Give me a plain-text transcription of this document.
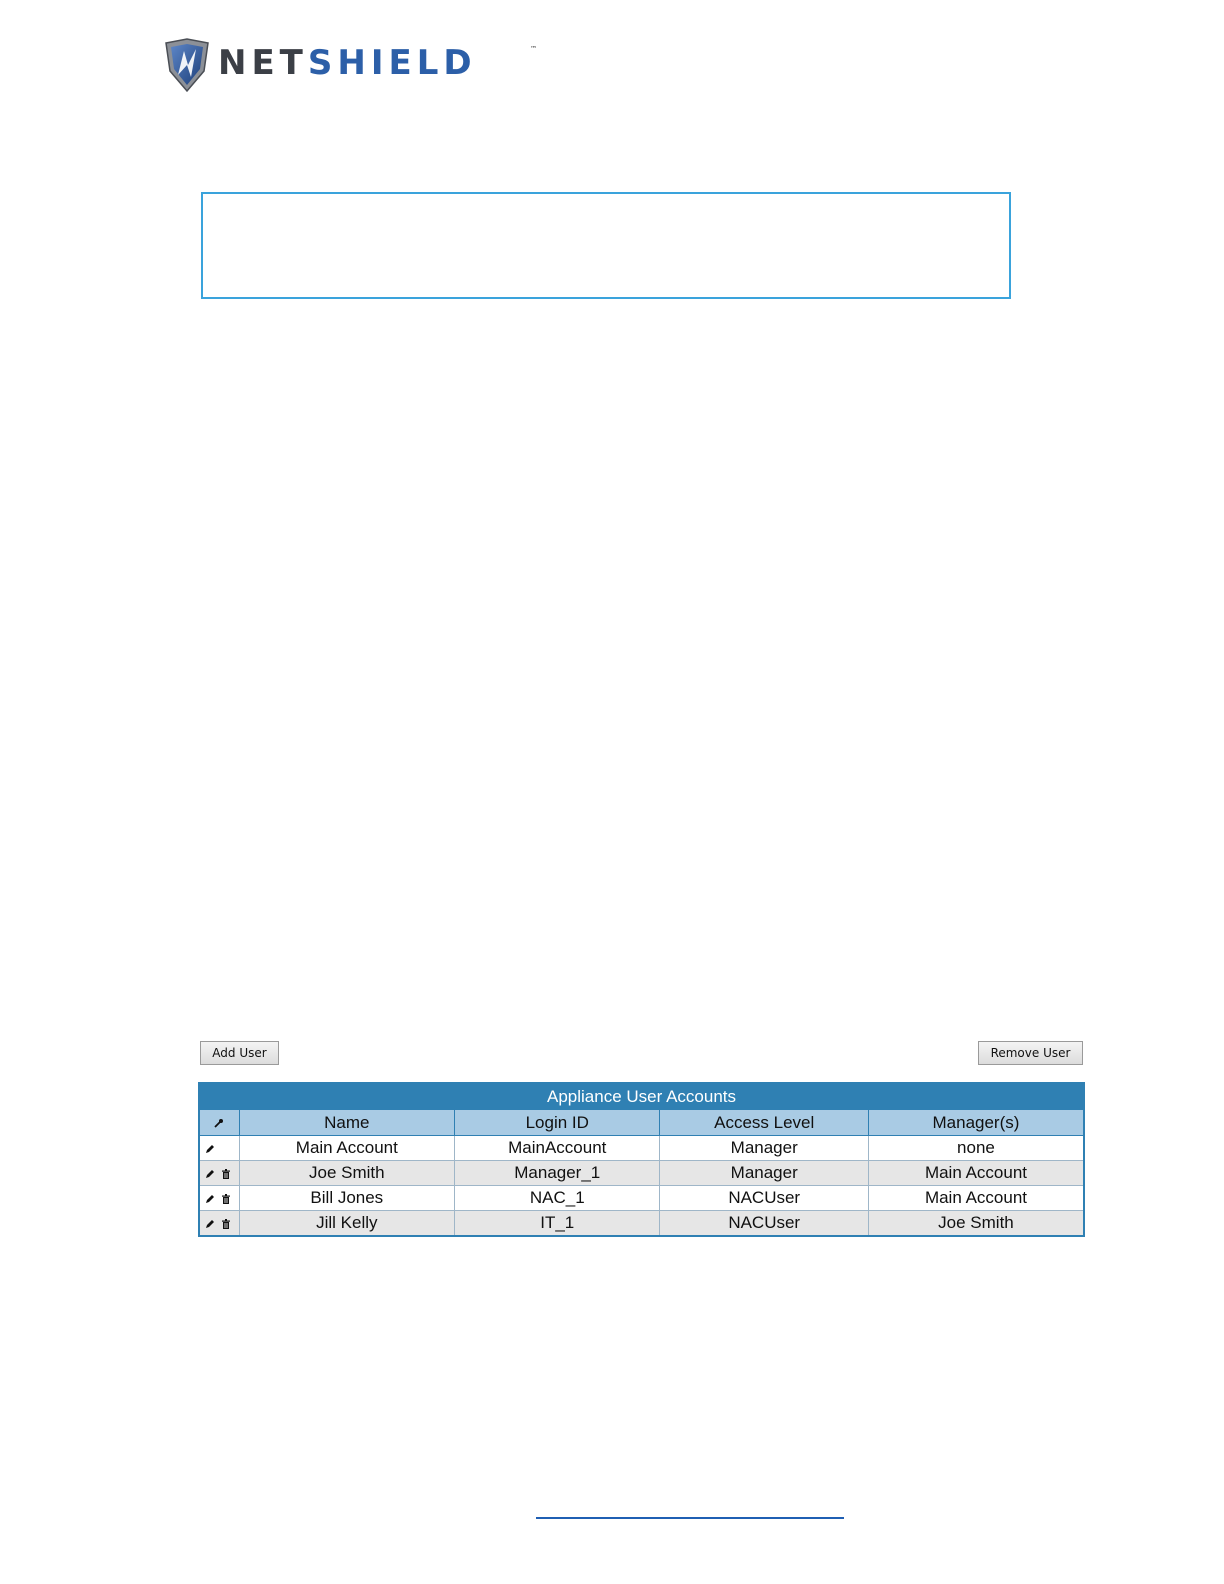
NETSHIELD	™
Add User	Remove User
Appliance User Accounts				
	Name	Login ID	Access Level	Manager(s)

	Main Account	MainAccount	Manager	none

	Joe Smith	Manager_1	Manager	Main Account

	Bill Jones	NAC_1	NACUser	Main Account

	Jill Kelly	IT_1	NACUser	Joe Smith
